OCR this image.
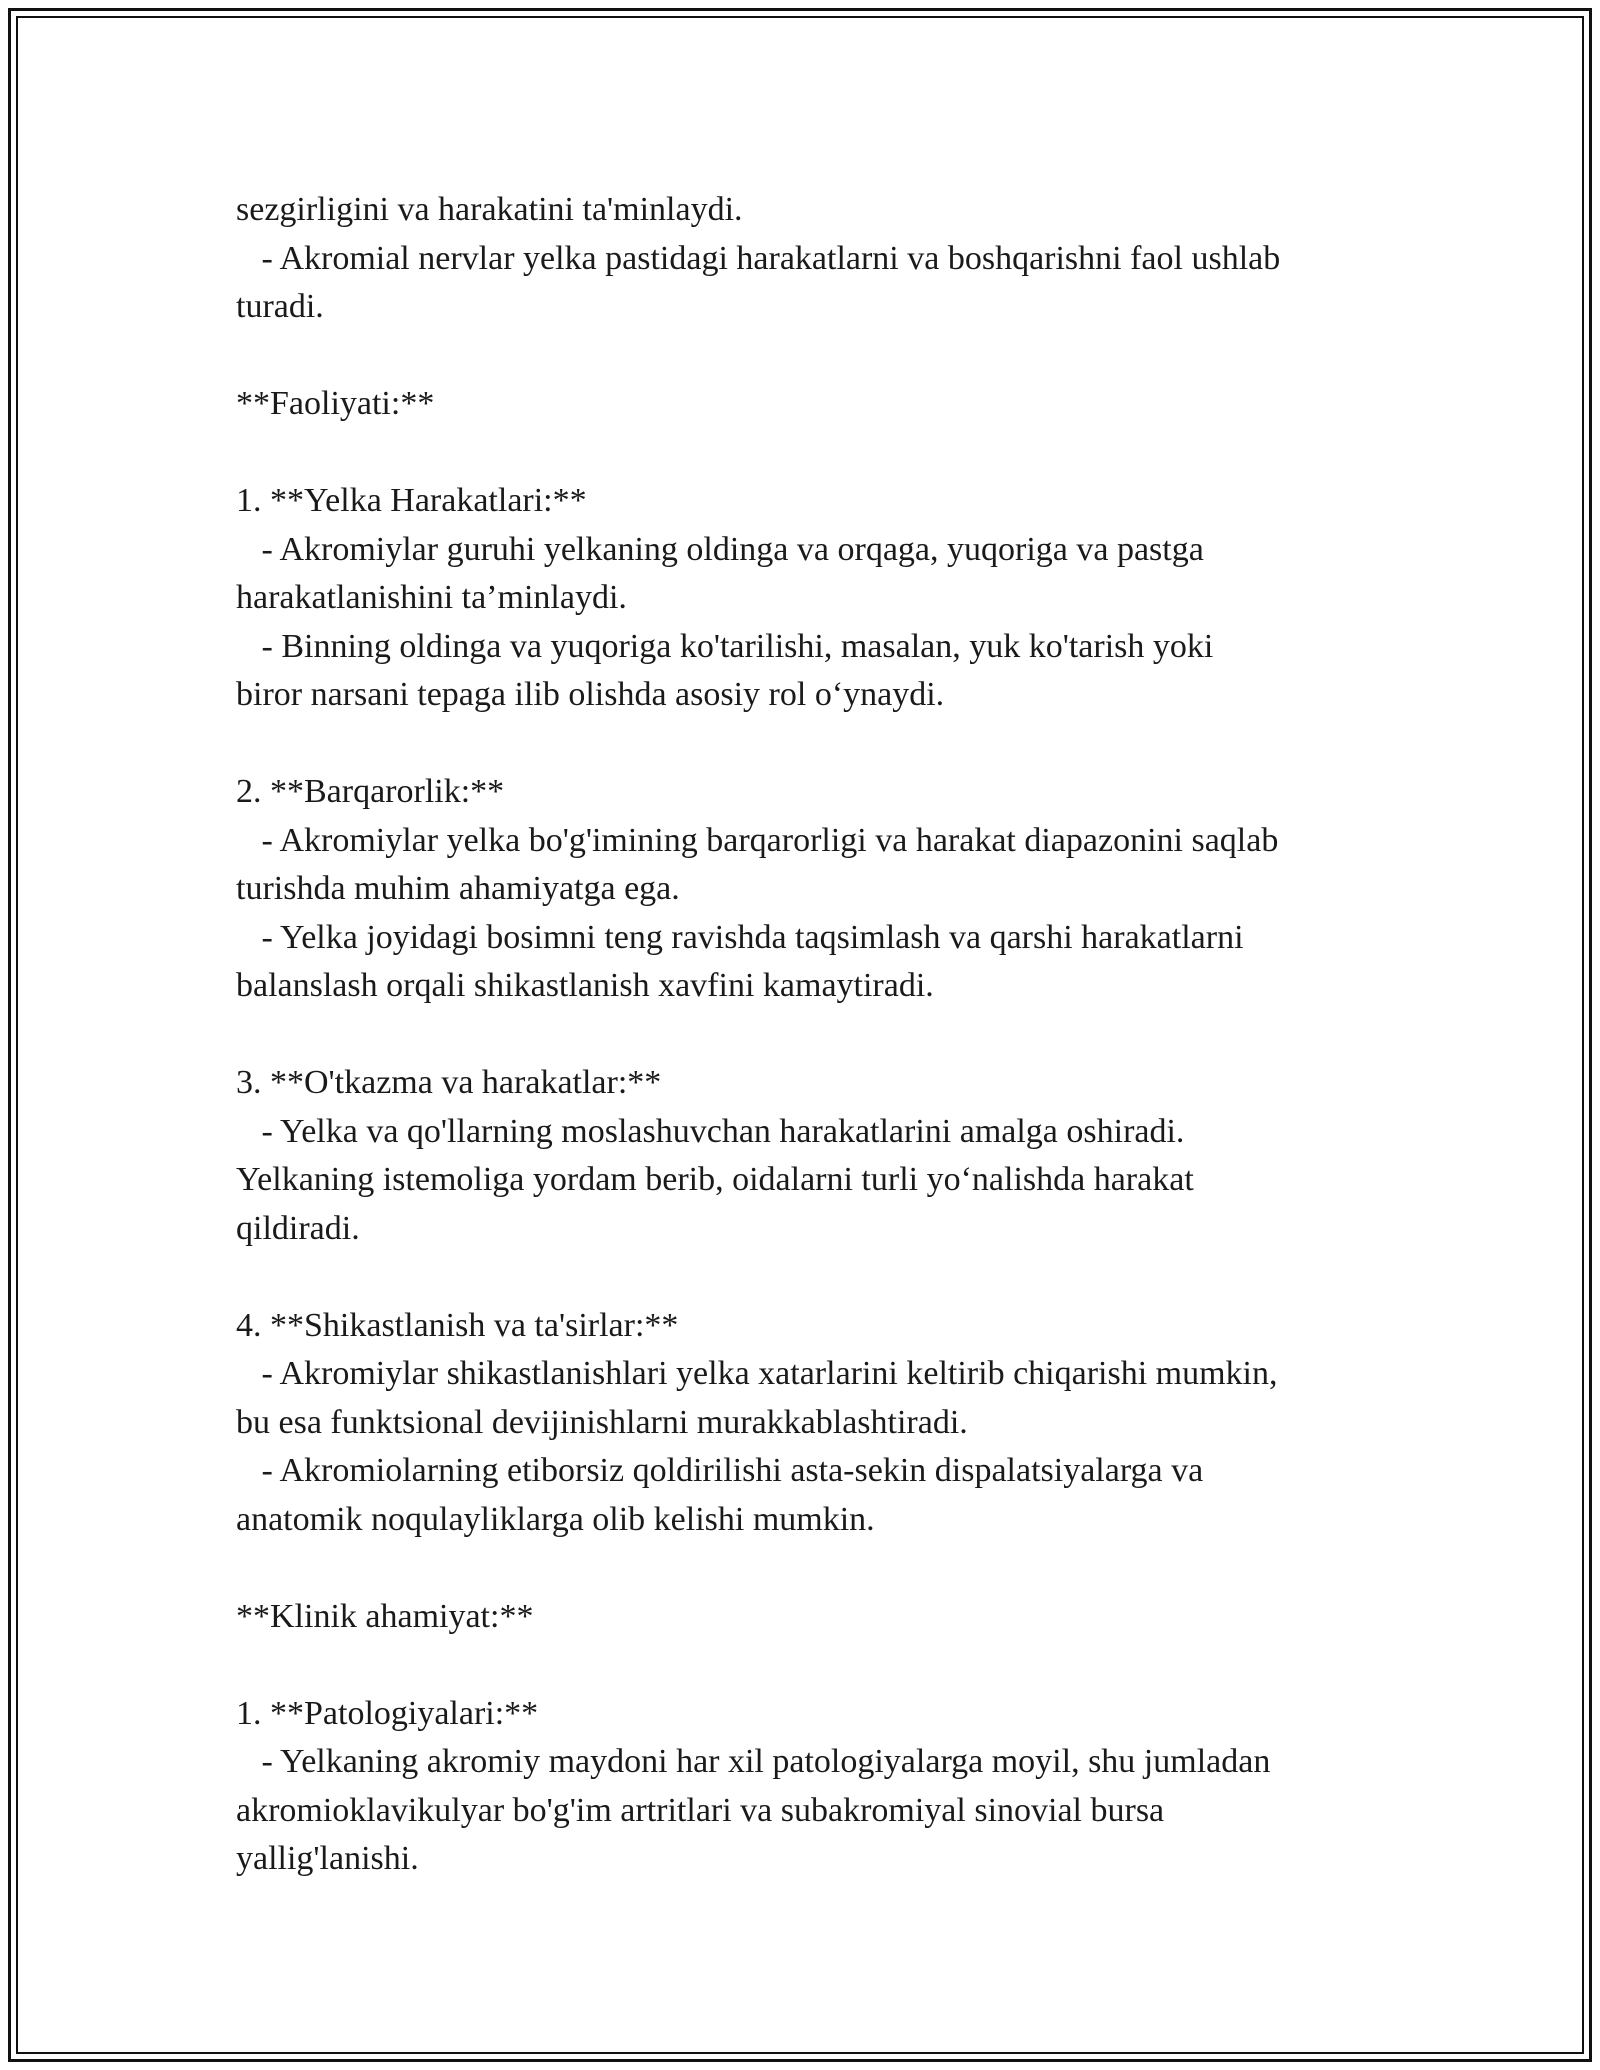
sezgirligini va harakatini ta'minlaydi.
- Akromial nervlar yelka pastidagi harakatlarni va boshqarishni faol ushlab
turadi.
**Faoliyati:**
1. **Yelka Harakatlari:**
- Akromiylar guruhi yelkaning oldinga va orqaga, yuqoriga va pastga
harakatlanishini ta’minlaydi.
- Binning oldinga va yuqoriga ko'tarilishi, masalan, yuk ko'tarish yoki
biror narsani tepaga ilib olishda asosiy rol o‘ynaydi.
2. **Barqarorlik:**
- Akromiylar yelka bo'g'imining barqarorligi va harakat diapazonini saqlab
turishda muhim ahamiyatga ega.
- Yelka joyidagi bosimni teng ravishda taqsimlash va qarshi harakatlarni
balanslash orqali shikastlanish xavfini kamaytiradi.
3. **O'tkazma va harakatlar:**
- Yelka va qo'llarning moslashuvchan harakatlarini amalga oshiradi.
Yelkaning istemoliga yordam berib, oidalarni turli yo‘nalishda harakat
qildiradi.
4. **Shikastlanish va ta'sirlar:**
- Akromiylar shikastlanishlari yelka xatarlarini keltirib chiqarishi mumkin,
bu esa funktsional devijinishlarni murakkablashtiradi.
- Akromiolarning etiborsiz qoldirilishi asta-sekin dispalatsiyalarga va
anatomik noqulayliklarga olib kelishi mumkin.
**Klinik ahamiyat:**
1. **Patologiyalari:**
- Yelkaning akromiy maydoni har xil patologiyalarga moyil, shu jumladan
akromioklavikulyar bo'g'im artritlari va subakromiyal sinovial bursa
yallig'lanishi.
